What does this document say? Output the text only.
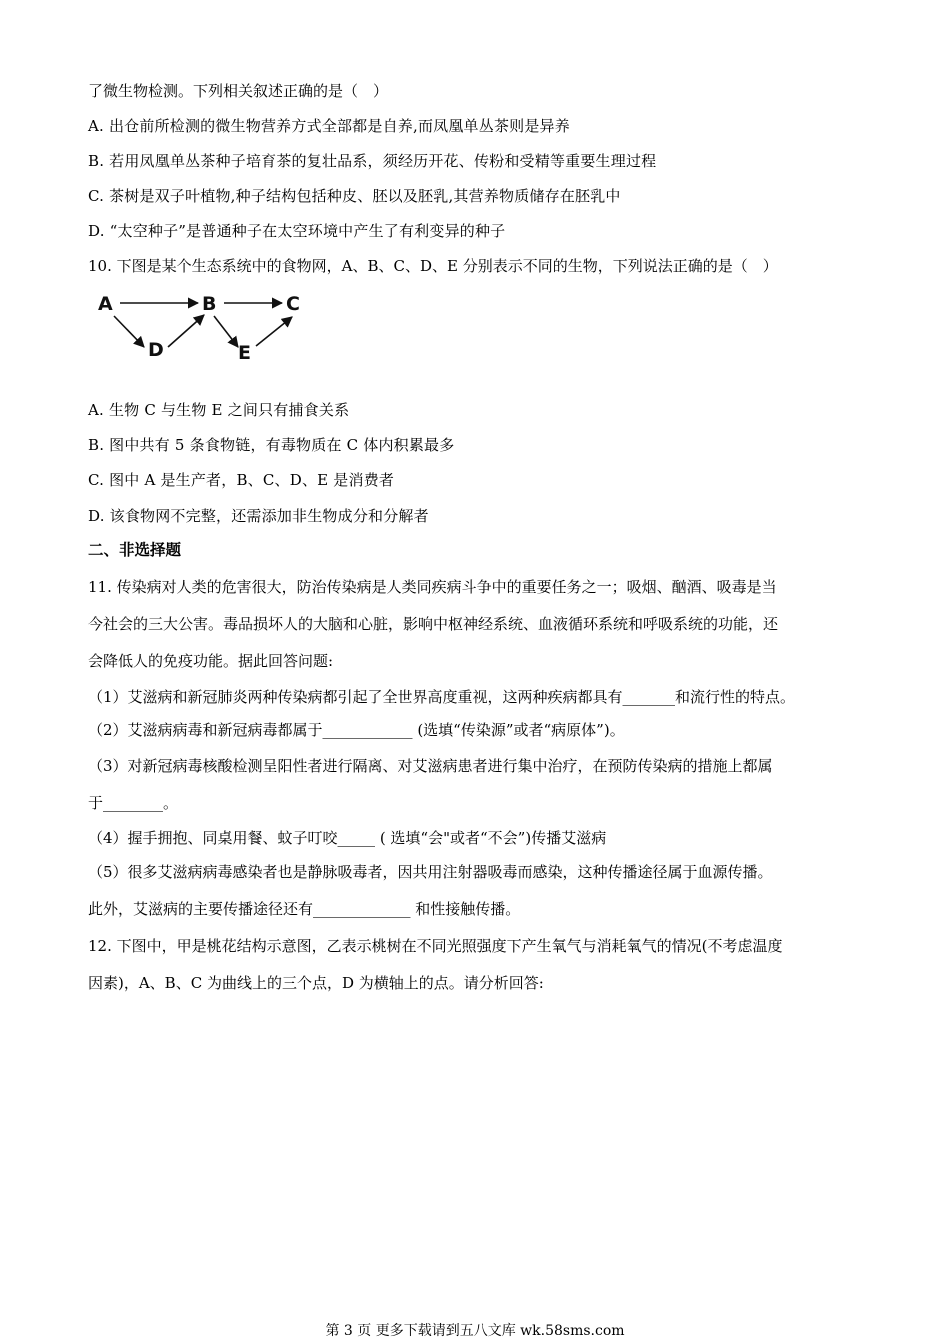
了微生物检测。下列相关叙述正确的是（　）
A. 出仓前所检测的微生物营养方式全部都是自养,而凤凰单丛茶则是异养
B. 若用凤凰单丛茶种子培育茶的复壮品系，须经历开花、传粉和受精等重要生理过程
C. 茶树是双子叶植物,种子结构包括种皮、胚以及胚乳,其营养物质储存在胚乳中
D. “太空种子”是普通种子在太空环境中产生了有利变异的种子
10. 下图是某个生态系统中的食物网，A、B、C、D、E 分别表示不同的生物，下列说法正确的是（　）
A	B	C
D	E
A. 生物 C 与生物 E 之间只有捕食关系
B. 图中共有 5 条食物链，有毒物质在 C 体内积累最多
C. 图中 A 是生产者，B、C、D、E 是消费者
D. 该食物网不完整，还需添加非生物成分和分解者
二、非选择题
11. 传染病对人类的危害很大，防治传染病是人类同疾病斗争中的重要任务之一；吸烟、酗酒、吸毒是当
今社会的三大公害。毒品损坏人的大脑和心脏，影响中枢神经系统、血液循环系统和呼吸系统的功能，还
会降低人的免疫功能。据此回答问题:
（1）艾滋病和新冠肺炎两种传染病都引起了全世界高度重视，这两种疾病都具有_______和流行性的特点。
（2）艾滋病病毒和新冠病毒都属于____________ (选填“传染源”或者“病原体”)。
（3）对新冠病毒核酸检测呈阳性者进行隔离、对艾滋病患者进行集中治疗，在预防传染病的措施上都属
于________。
（4）握手拥抱、同桌用餐、蚊子叮咬_____ ( 选填“会"或者“不会”)传播艾滋病
（5）很多艾滋病病毒感染者也是静脉吸毒者，因共用注射器吸毒而感染，这种传播途径属于血源传播。
此外，艾滋病的主要传播途径还有_____________ 和性接触传播。
12. 下图中，甲是桃花结构示意图，乙表示桃树在不同光照强度下产生氧气与消耗氧气的情况(不考虑温度
因素)，A、B、C 为曲线上的三个点，D 为横轴上的点。请分析回答:
第 3 页 更多下载请到五八文库 wk.58sms.com
